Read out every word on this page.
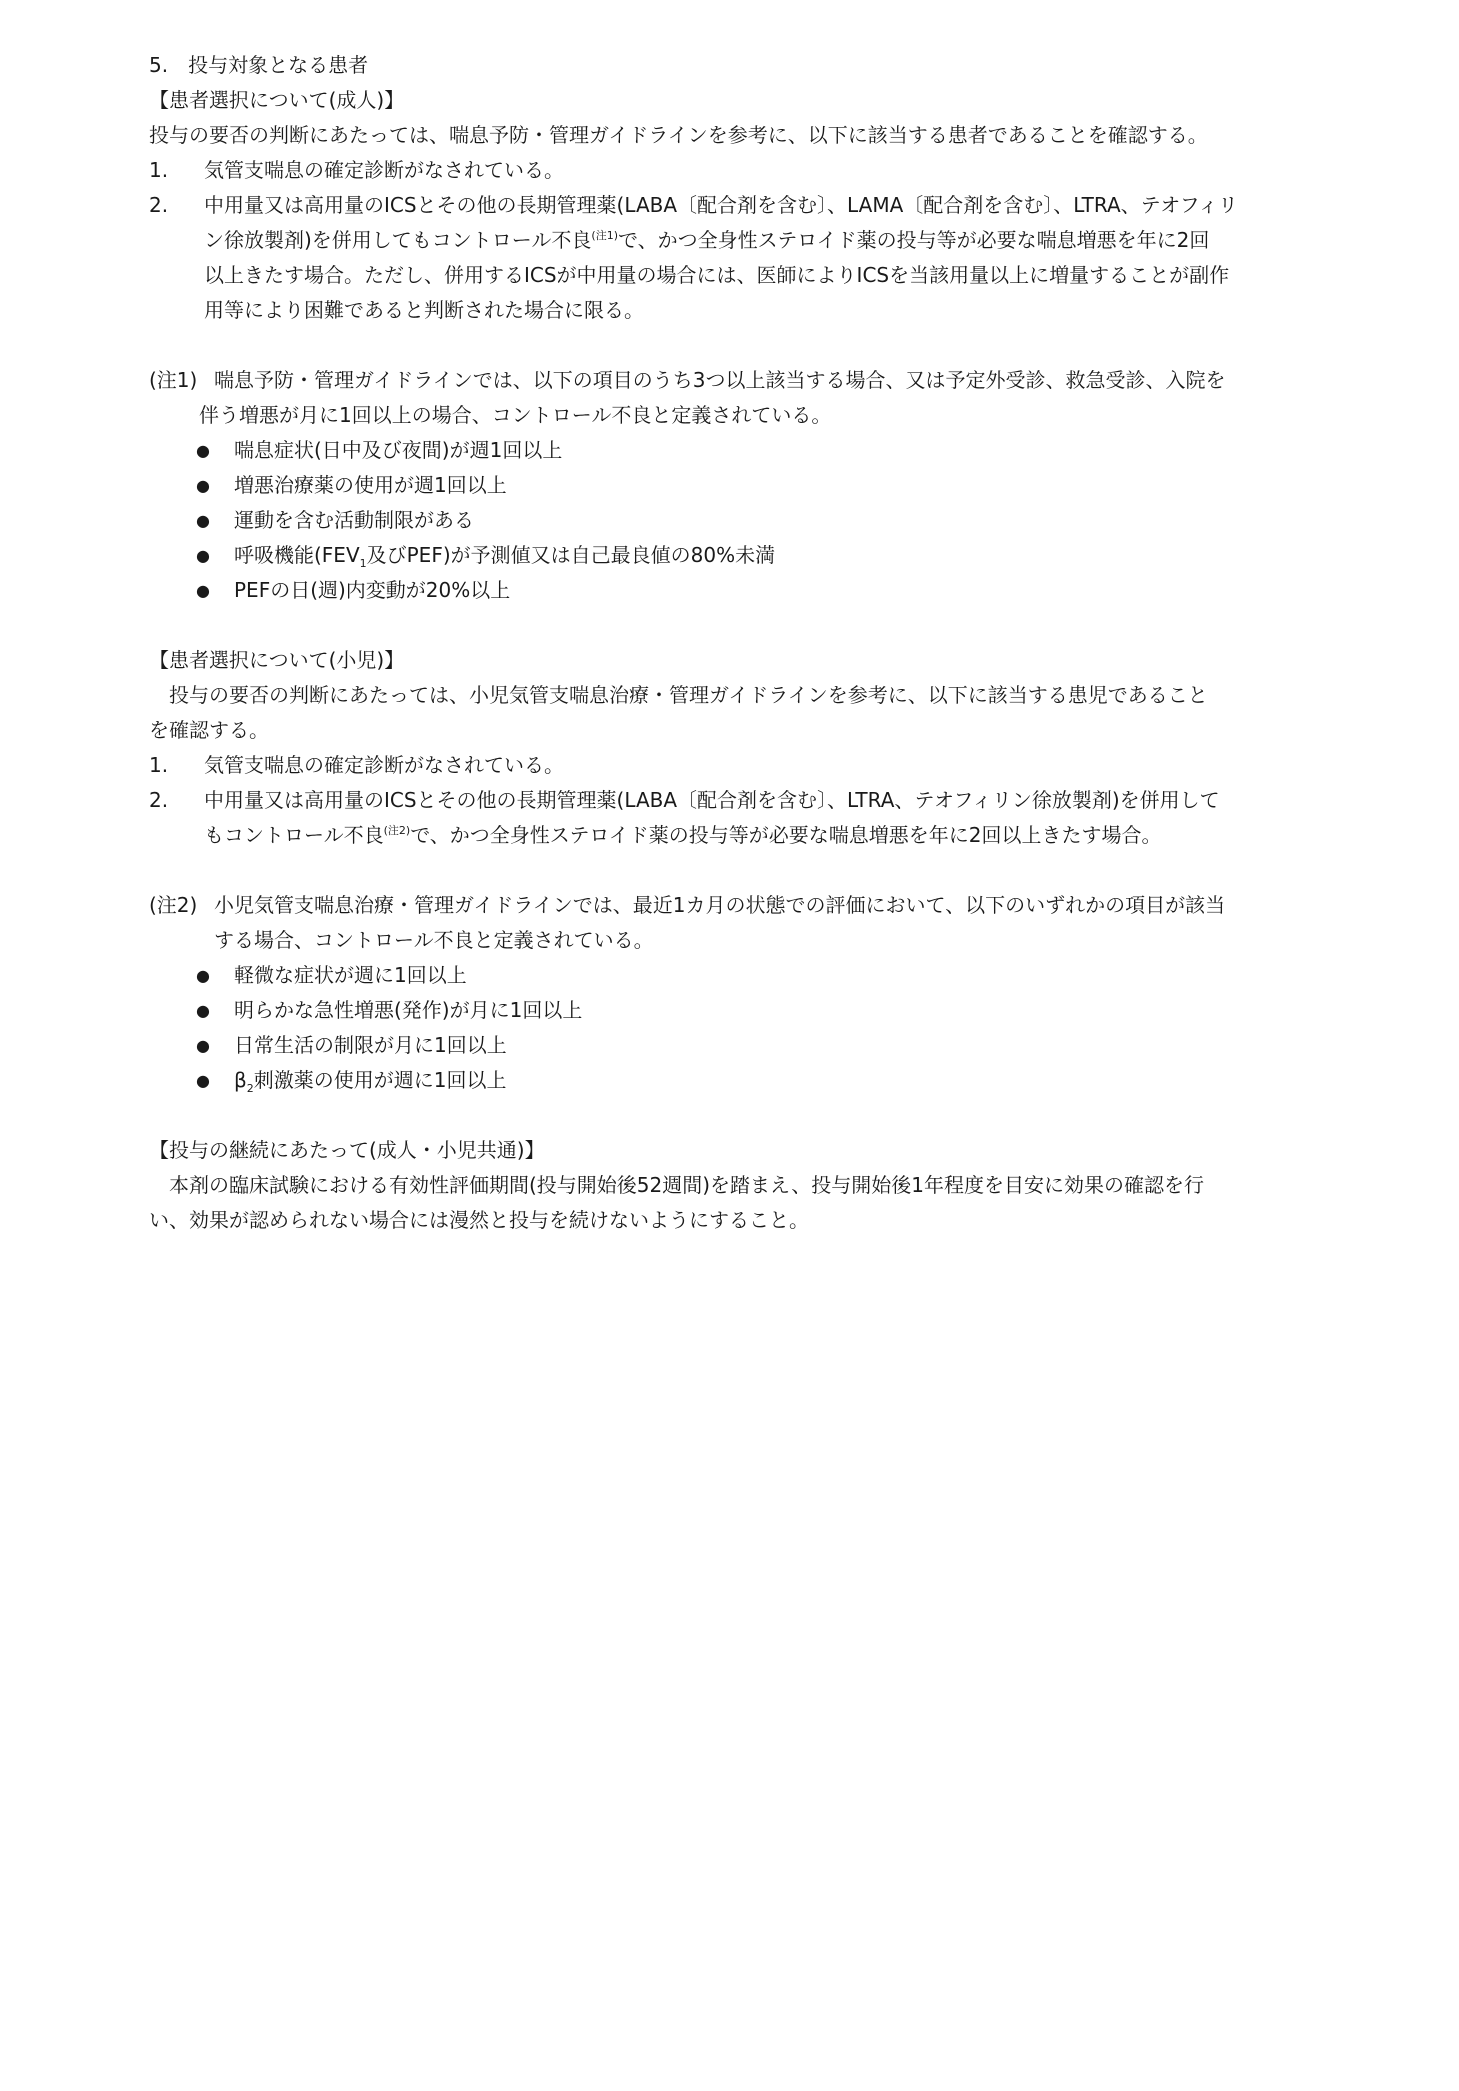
5.　投与対象となる患者
【患者選択について(成人)】
投与の要否の判断にあたっては、喘息予防・管理ガイドラインを参考に、以下に該当する患者であることを確認する。
1.	気管支喘息の確定診断がなされている。
2.	中用量又は高用量のICSとその他の長期管理薬(LABA〔配合剤を含む〕、LAMA〔配合剤を含む〕、LTRA、テオフィリ
ン徐放製剤)を併用してもコントロール不良$^{(注1)}$で、かつ全身性ステロイド薬の投与等が必要な喘息増悪を年に2回
以上きたす場合。ただし、併用するICSが中用量の場合には、医師によりICSを当該用量以上に増量することが副作
用等により困難であると判断された場合に限る。
(注1) 喘息予防・管理ガイドラインでは、以下の項目のうち3つ以上該当する場合、又は予定外受診、救急受診、入院を
伴う増悪が月に1回以上の場合、コントロール不良と定義されている。
●	喘息症状(日中及び夜間)が週1回以上
●	増悪治療薬の使用が週1回以上
●	運動を含む活動制限がある
●	呼吸機能($FEV_1$及びPEF)が予測値又は自己最良値の80%未満
●	PEFの日(週)内変動が20%以上
【患者選択について(小児)】
投与の要否の判断にあたっては、小児気管支喘息治療・管理ガイドラインを参考に、以下に該当する患児であること
を確認する。
1.	気管支喘息の確定診断がなされている。
2.	中用量又は高用量のICSとその他の長期管理薬(LABA〔配合剤を含む〕、LTRA、テオフィリン徐放製剤)を併用して
もコントロール不良$^{(注2)}$で、かつ全身性ステロイド薬の投与等が必要な喘息増悪を年に2回以上きたす場合。
(注2) 小児気管支喘息治療・管理ガイドラインでは、最近1カ月の状態での評価において、以下のいずれかの項目が該当
する場合、コントロール不良と定義されている。
●	軽微な症状が週に1回以上
●	明らかな急性増悪(発作)が月に1回以上
●	日常生活の制限が月に1回以上
●	$\beta_2$刺激薬の使用が週に1回以上
【投与の継続にあたって(成人・小児共通)】
本剤の臨床試験における有効性評価期間(投与開始後52週間)を踏まえ、投与開始後1年程度を目安に効果の確認を行
い、効果が認められない場合には漫然と投与を続けないようにすること。
